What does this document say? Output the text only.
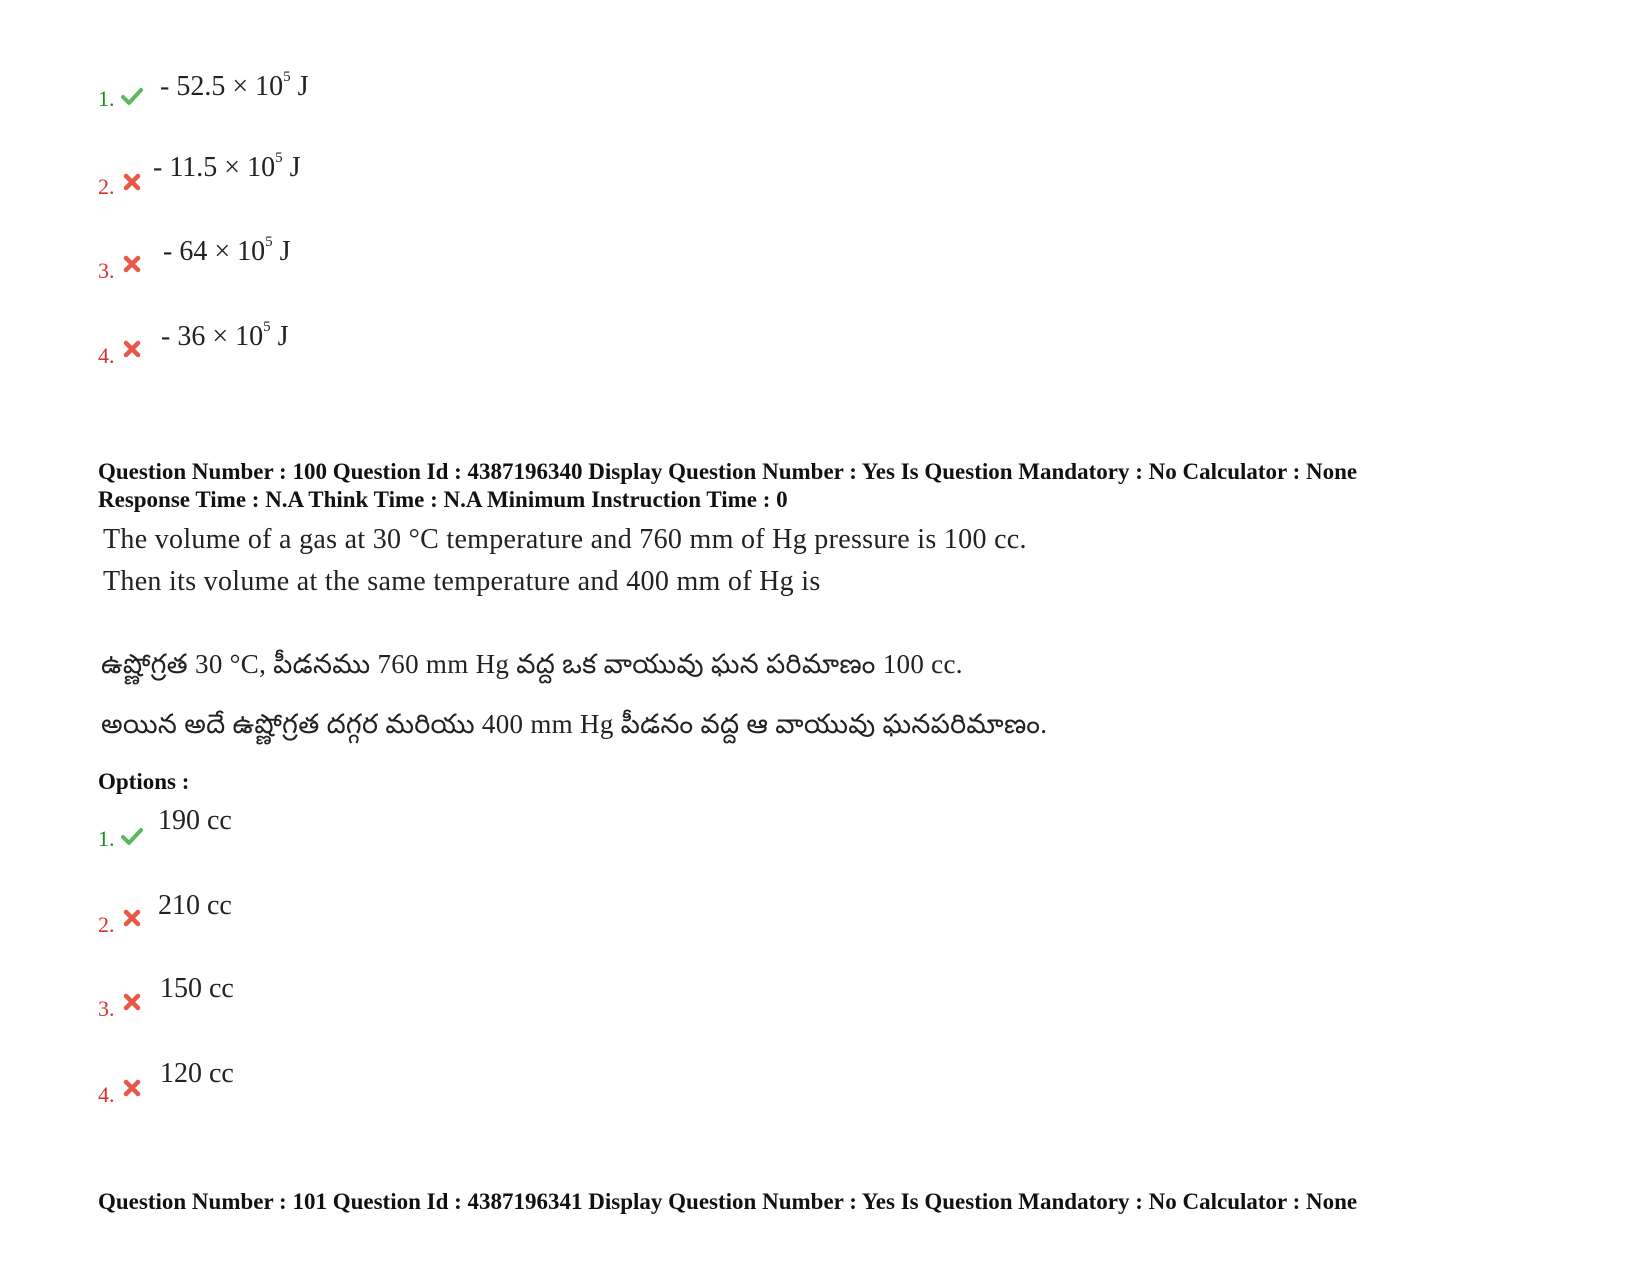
1. - $52.5 \times 10^5$ J
2.
- $11.5 \times 10^5$ J
3.
- $64 \times 10^5$ J
4.
- $36 \times 10^5$ J
Question Number : 100 Question Id : 4387196340 Display Question Number : Yes Is Question Mandatory : No Calculator : None
Response Time : N.A Think Time : N.A Minimum Instruction Time : 0
The volume of a gas at 30 °C temperature and 760 mm of Hg pressure is 100 cc.
Then its volume at the same temperature and 400 mm of Hg is
ఉష్ణోగ్రత 30 °C, పీడనము 760 mm Hg వద్ద ఒక వాయువు ఘన పరిమాణం 100 cc.
అయిన అదే ఉష్ణోగ్రత దగ్గర మరియు 400 mm Hg పీడనం వద్ద ఆ వాయువు ఘనపరిమాణం.
Options :
1.
190 cc
2.
210 cc
3.
150 cc
4.
120 cc
Question Number : 101 Question Id : 4387196341 Display Question Number : Yes Is Question Mandatory : No Calculator : None
